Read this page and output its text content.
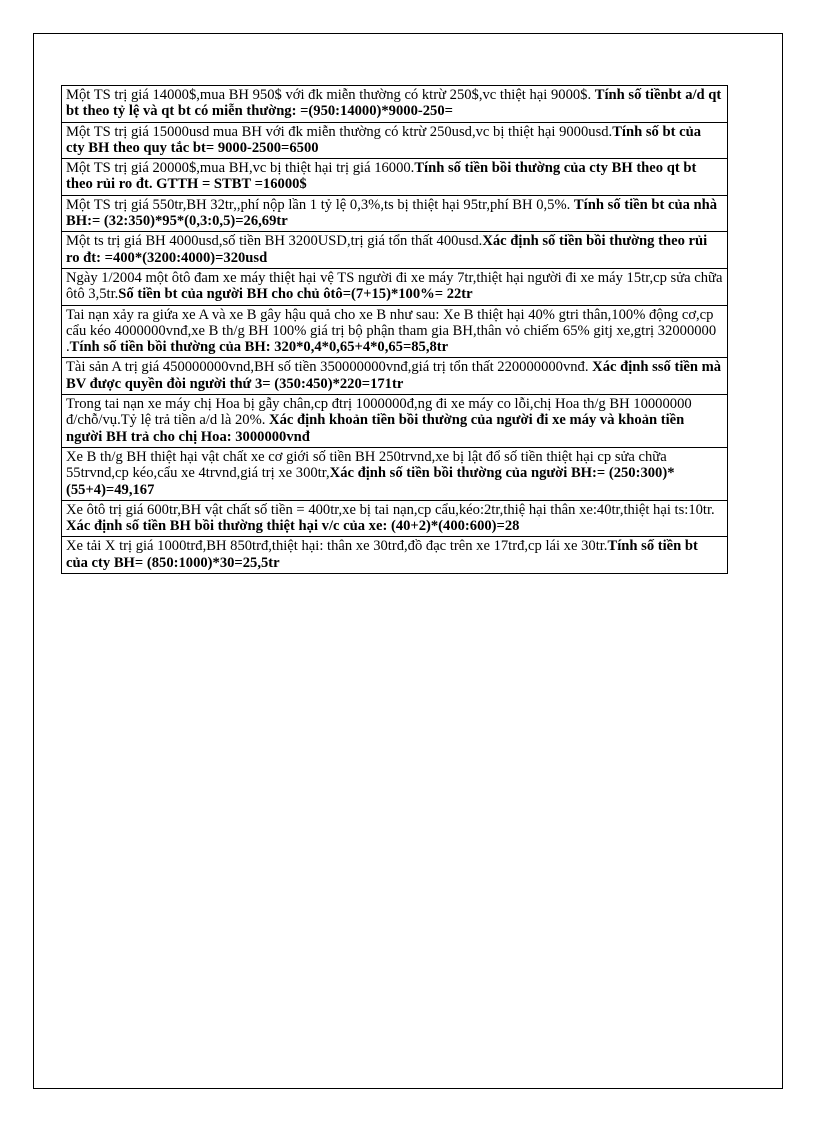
Một TS trị giá 14000$,mua BH 950$ với đk miễn thường có ktrừ 250$,vc thiệt hại 9000$. Tính số tiềnbt a/d qt bt theo tỷ lệ và qt bt có miễn thường: =(950:14000)*9000-250=
Một TS trị giá 15000usd mua BH với đk miễn thường có ktrừ 250usd,vc bị thiệt hại 9000usd.Tính số bt của cty BH theo quy tắc bt= 9000-2500=6500
Một TS trị giá 20000$,mua BH,vc bị thiệt hại trị giá 16000.Tính số tiền bồi thường của cty BH theo qt bt theo rủi ro đt. GTTH = STBT =16000$
Một TS trị giá 550tr,BH 32tr,,phí nộp lần 1 tỷ lệ 0,3%,ts bị thiệt hại 95tr,phí BH 0,5%. Tính số tiền bt của nhà BH:= (32:350)*95*(0,3:0,5)=26,69tr
Một ts trị giá BH 4000usd,số tiền BH 3200USD,trị giá tổn thất 400usd.Xác định số tiền bồi thường theo rủi ro đt: =400*(3200:4000)=320usd
Ngày 1/2004 một ôtô đam xe máy thiệt hại vệ TS người đi xe máy 7tr,thiệt hại người đi xe máy 15tr,cp sửa chữa ôtô 3,5tr.Số tiền bt của người BH cho chủ ôtô=(7+15)*100%= 22tr
Tai nạn xảy ra giứa xe A và xe B gây hậu quả cho xe B như sau: Xe B thiệt hại 40% gtri thân,100% động cơ,cp cẩu kéo 4000000vnđ,xe B th/g BH 100% giá trị bộ phận tham gia BH,thân vỏ chiếm 65% gitj xe,gtrị 32000000 .Tính số tiền bồi thường của BH: 320*0,4*0,65+4*0,65=85,8tr
Tài sản A trị giá 450000000vnd,BH số tiền 350000000vnđ,giá trị tổn thất 220000000vnđ. Xác định ssố tiền mà BV được quyền đòi người thứ 3= (350:450)*220=171tr
Trong tai nạn xe máy chị Hoa bị gẫy chân,cp đtrị 1000000đ,ng đi xe máy co lỗi,chị Hoa th/g BH 10000000 đ/chỗ/vụ.Tỷ lệ trả tiền a/d là 20%. Xác định khoản tiền bồi thường của người đi xe máy và khoản tiền người BH trả cho chị Hoa: 3000000vnđ
Xe B th/g BH thiệt hại vật chất xe cơ giới số tiền BH 250trvnd,xe bị lật đổ số tiền thiệt hại cp sửa chữa 55trvnd,cp kéo,cẩu xe 4trvnd,giá trị xe 300tr,Xác định số tiền bồi thường của người BH:= (250:300)*(55+4)=49,167
Xe ôtô trị giá 600tr,BH vật chất số tiền = 400tr,xe bị tai nạn,cp cẩu,kéo:2tr,thiệ hại thân xe:40tr,thiệt hại ts:10tr. Xác định số tiền BH bồi thường thiệt hại v/c của xe: (40+2)*(400:600)=28
Xe tải X trị giá 1000trđ,BH 850trđ,thiệt hại: thân xe 30trđ,đồ đạc trên xe 17trđ,cp lái xe 30tr.Tính số tiền bt của cty BH= (850:1000)*30=25,5tr
